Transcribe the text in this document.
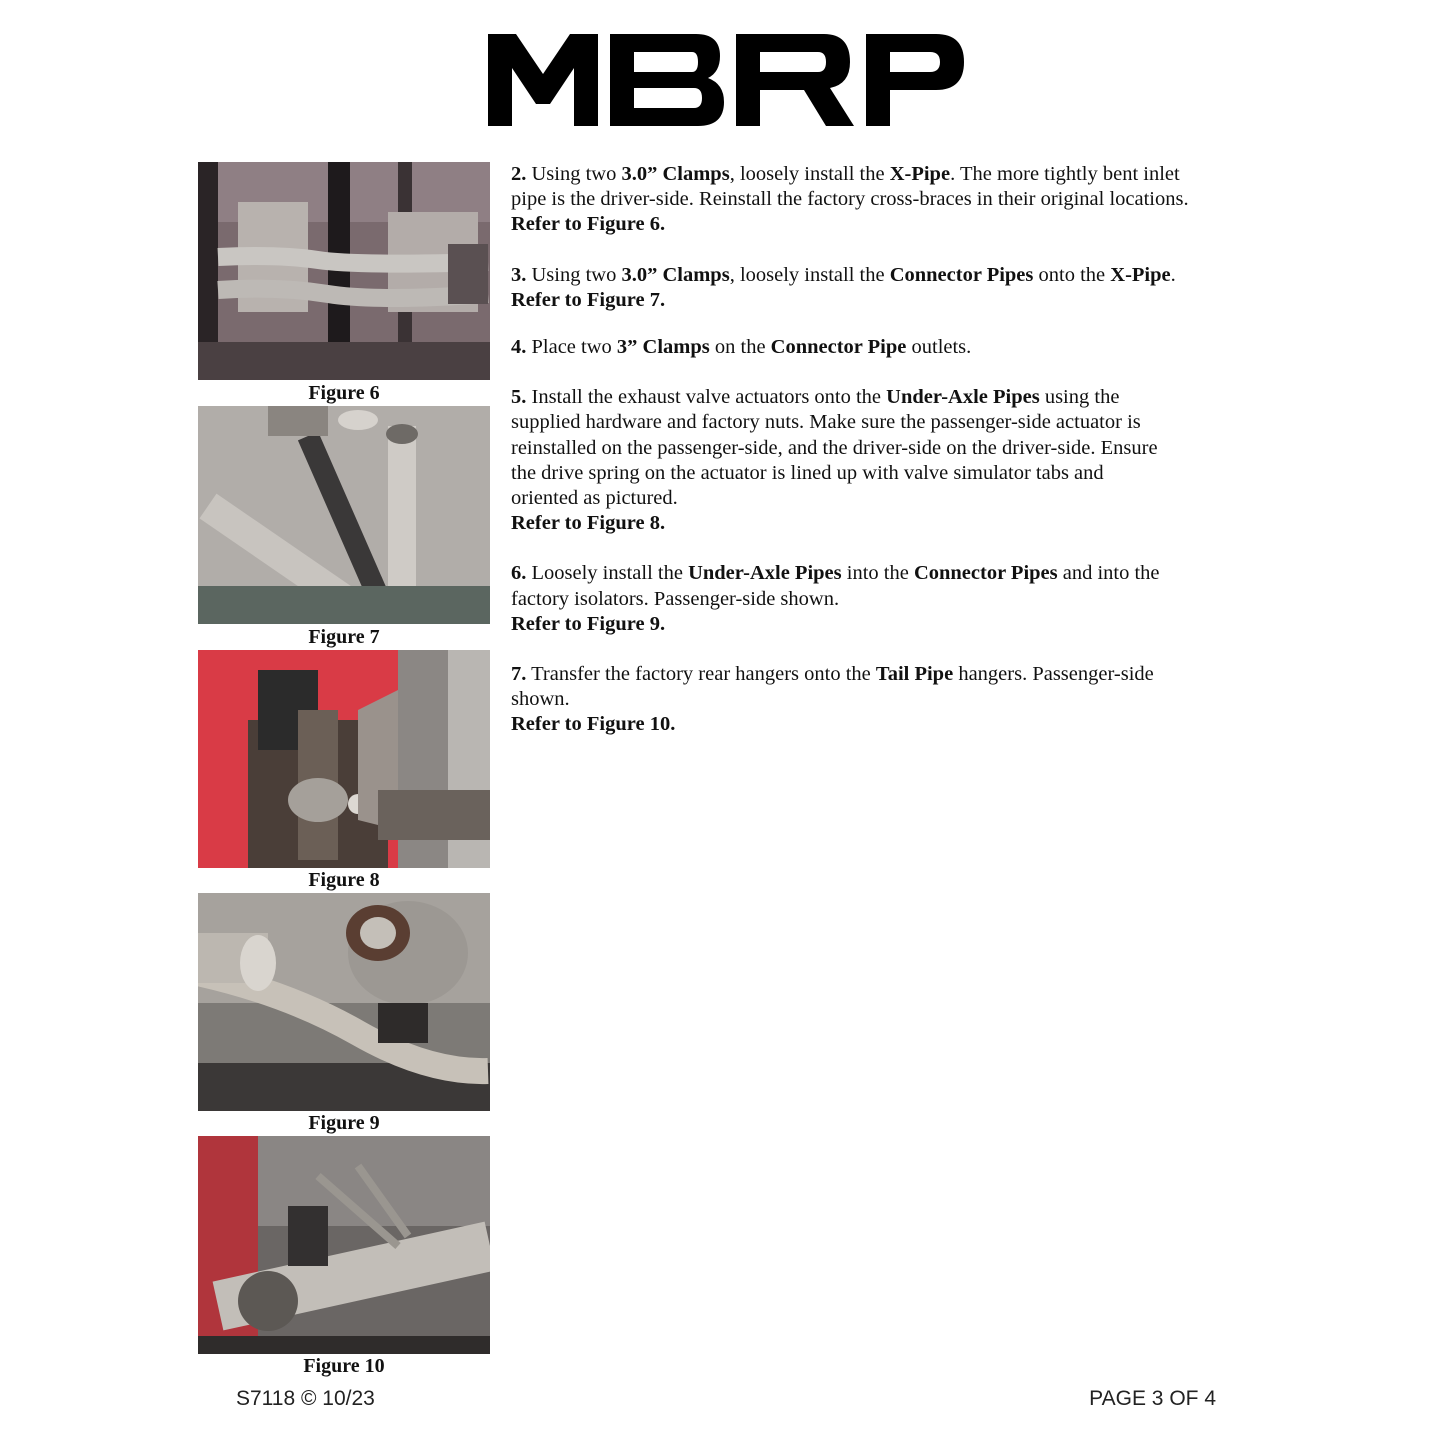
Figure 6
Figure 7
Figure 8
Figure 9
Figure 10

2. Using two 3.0” Clamps, loosely install the X-Pipe. The more tightly bent inlet pipe is the driver-side. Reinstall the factory cross-braces in their original locations.

Refer to Figure 6.

3. Using two 3.0” Clamps, loosely install the Connector Pipes onto the X-Pipe.

Refer to Figure 7.

4. Place two 3” Clamps on the Connector Pipe outlets.

5. Install the exhaust valve actuators onto the Under-Axle Pipes using the supplied hardware and factory nuts. Make sure the passenger-side actuator is reinstalled on the passenger-side, and the driver-side on the driver-side. Ensure the drive spring on the actuator is lined up with valve simulator tabs and oriented as pictured.

Refer to Figure 8.

6. Loosely install the Under-Axle Pipes into the Connector Pipes and into the factory isolators. Passenger-side shown.

Refer to Figure 9.

7. Transfer the factory rear hangers onto the Tail Pipe hangers. Passenger-side shown.

Refer to Figure 10.

S7118 © 10/23	PAGE 3 OF 4
